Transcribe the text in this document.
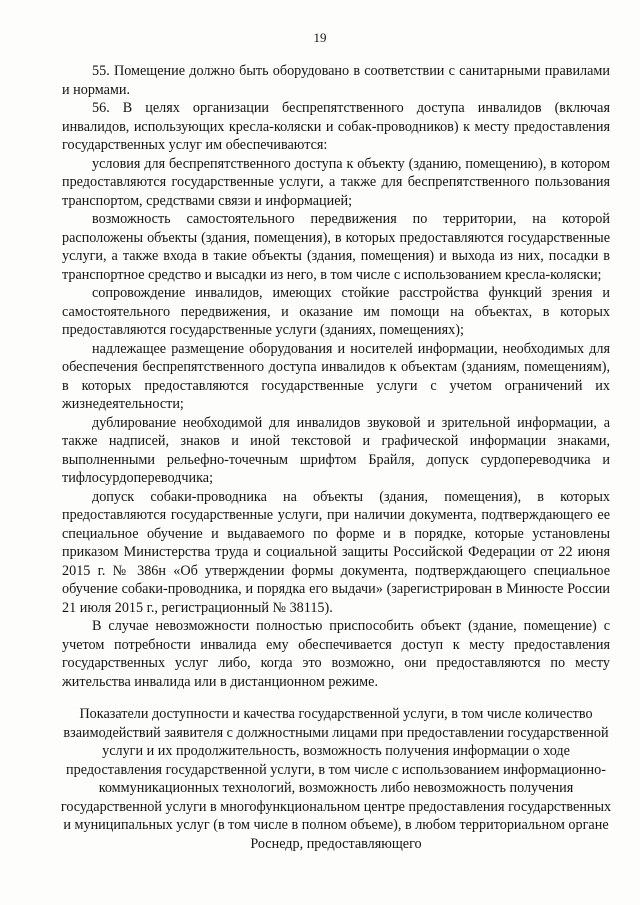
19

55. Помещение должно быть оборудовано в соответствии с санитарными правилами и нормами.

56. В целях организации беспрепятственного доступа инвалидов (включая инвалидов, использующих кресла-коляски и собак-проводников) к месту предоставления государственных услуг им обеспечиваются:

условия для беспрепятственного доступа к объекту (зданию, помещению), в котором предоставляются государственные услуги, а также для беспрепятственного пользования транспортом, средствами связи и информацией;

возможность самостоятельного передвижения по территории, на которой расположены объекты (здания, помещения), в которых предоставляются государственные услуги, а также входа в такие объекты (здания, помещения) и выхода из них, посадки в транспортное средство и высадки из него, в том числе с использованием кресла-коляски;

сопровождение инвалидов, имеющих стойкие расстройства функций зрения и самостоятельного передвижения, и оказание им помощи на объектах, в которых предоставляются государственные услуги (зданиях, помещениях);

надлежащее размещение оборудования и носителей информации, необходимых для обеспечения беспрепятственного доступа инвалидов к объектам (зданиям, помещениям), в которых предоставляются государственные услуги с учетом ограничений их жизнедеятельности;

дублирование необходимой для инвалидов звуковой и зрительной информации, а также надписей, знаков и иной текстовой и графической информации знаками, выполненными рельефно-точечным шрифтом Брайля, допуск сурдопереводчика и тифлосурдопереводчика;

допуск собаки-проводника на объекты (здания, помещения), в которых предоставляются государственные услуги, при наличии документа, подтверждающего ее специальное обучение и выдаваемого по форме и в порядке, которые установлены приказом Министерства труда и социальной защиты Российской Федерации от 22 июня 2015 г. № 386н «Об утверждении формы документа, подтверждающего специальное обучение собаки-проводника, и порядка его выдачи» (зарегистрирован в Минюсте России 21 июля 2015 г., регистрационный № 38115).

В случае невозможности полностью приспособить объект (здание, помещение) с учетом потребности инвалида ему обеспечивается доступ к месту предоставления государственных услуг либо, когда это возможно, они предоставляются по месту жительства инвалида или в дистанционном режиме.

Показатели доступности и качества государственной услуги, в том числе количество взаимодействий заявителя с должностными лицами при предоставлении государственной услуги и их продолжительность, возможность получения информации о ходе предоставления государственной услуги, в том числе с использованием информационно-коммуникационных технологий, возможность либо невозможность получения государственной услуги в многофункциональном центре предоставления государственных и муниципальных услуг (в том числе в полном объеме), в любом территориальном органе Роснедр, предоставляющего
